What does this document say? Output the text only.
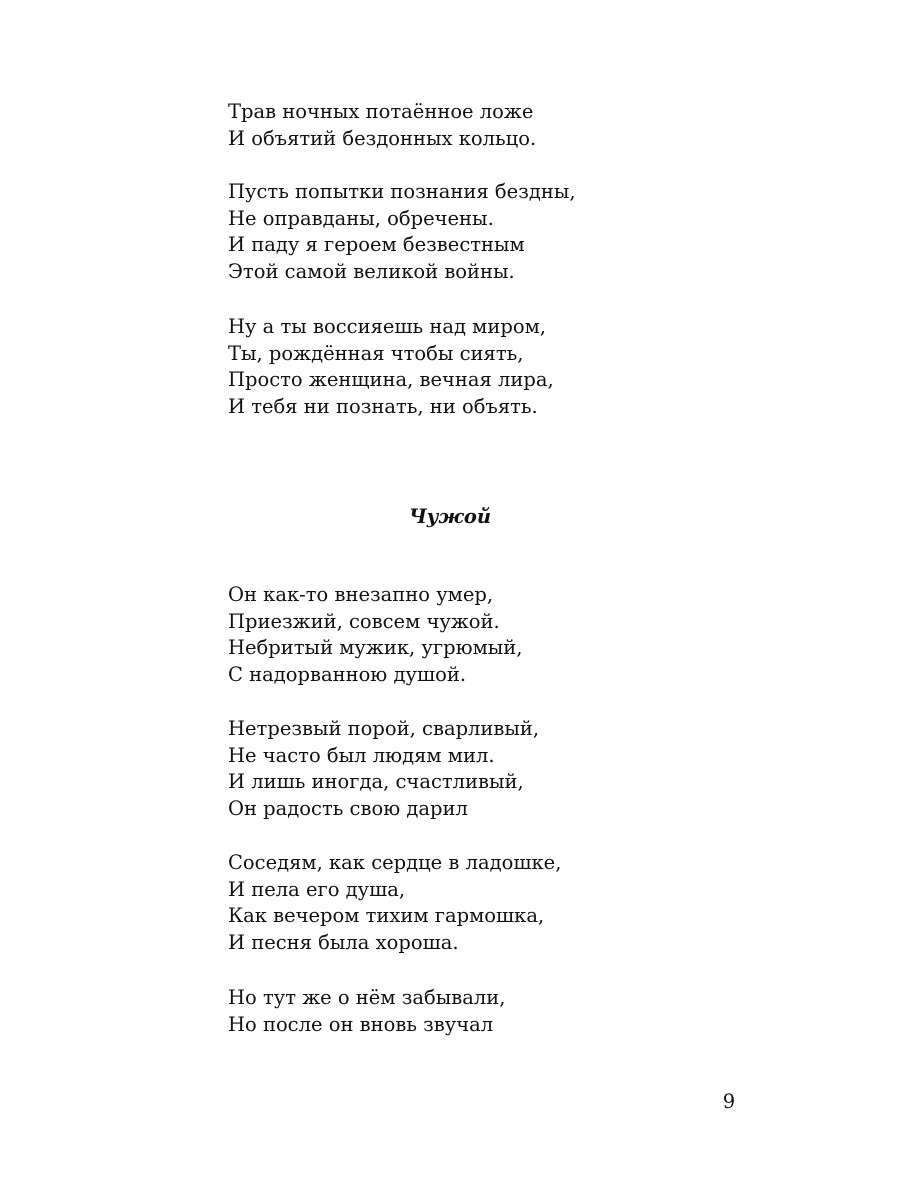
Трав ночных потаённое ложе
И объятий бездонных кольцо.
Пусть попытки познания бездны,
Не оправданы, обречены.
И паду я героем безвестным
Этой самой великой войны.
Ну а ты воссияешь над миром,
Ты, рождённая чтобы сиять,
Просто женщина, вечная лира,
И тебя ни познать, ни объять.
Чужой
Он как-то внезапно умер,
Приезжий, совсем чужой.
Небритый мужик, угрюмый,
С надорванною душой.
Нетрезвый порой, сварливый,
Не часто был людям мил.
И лишь иногда, счастливый,
Он радость свою дарил
Соседям, как сердце в ладошке,
И пела его душа,
Как вечером тихим гармошка,
И песня была хороша.
Но тут же о нём забывали,
Но после он вновь звучал
9
